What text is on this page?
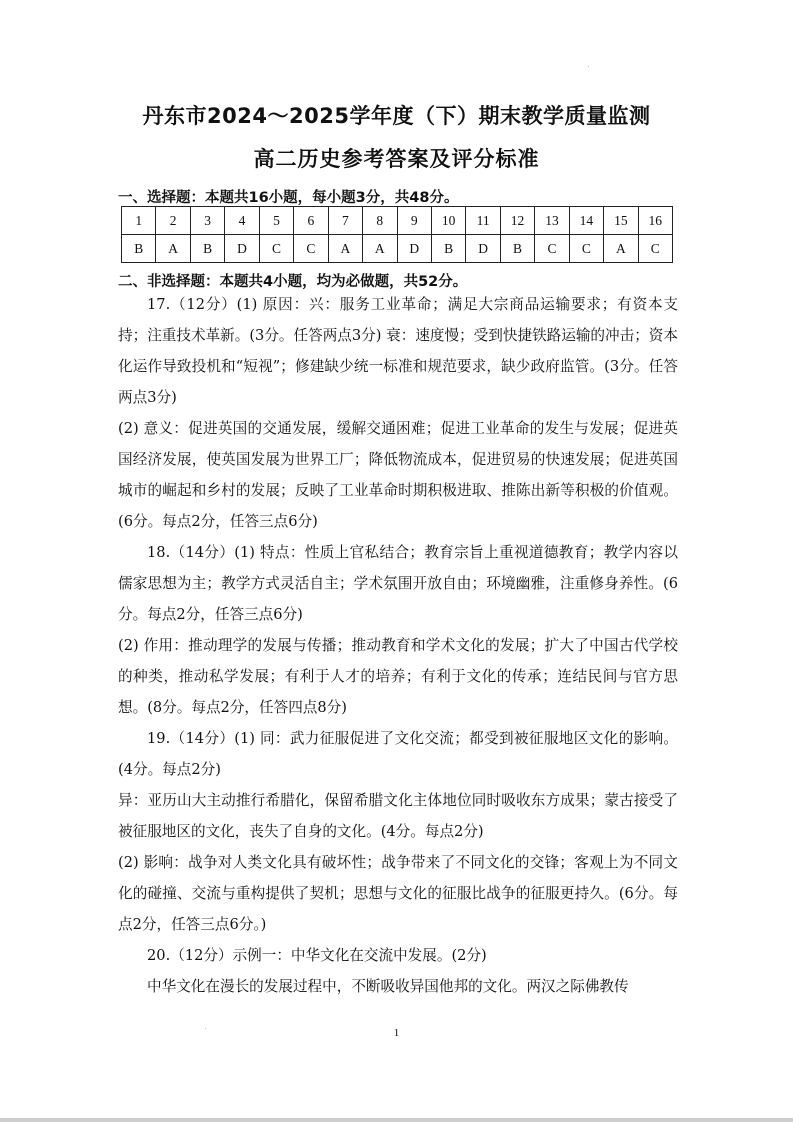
丹东市2024～2025学年度（下）期末教学质量监测
高二历史参考答案及评分标准
一、选择题：本题共16小题，每小题3分，共48分。
1	2	3	4	5	6	7	8	9	10	11	12	13	14	15	16
B	A	B	D	C	C	A	A	D	B	D	B	C	C	A	C
二、非选择题：本题共4小题，均为必做题，共52分。

17.（12分）(1) 原因：兴：服务工业革命；满足大宗商品运输要求；有资本支持；注重技术革新。(3分。任答两点3分) 衰：速度慢；受到快捷铁路运输的冲击；资本化运作导致投机和“短视”；修建缺少统一标准和规范要求，缺少政府监管。(3分。任答两点3分)

(2) 意义：促进英国的交通发展，缓解交通困难；促进工业革命的发生与发展；促进英国经济发展，使英国发展为世界工厂；降低物流成本，促进贸易的快速发展；促进英国城市的崛起和乡村的发展；反映了工业革命时期积极进取、推陈出新等积极的价值观。(6分。每点2分，任答三点6分)

18.（14分）(1) 特点：性质上官私结合；教育宗旨上重视道德教育；教学内容以儒家思想为主；教学方式灵活自主；学术氛围开放自由；环境幽雅，注重修身养性。(6分。每点2分，任答三点6分)

(2) 作用：推动理学的发展与传播；推动教育和学术文化的发展；扩大了中国古代学校的种类，推动私学发展；有利于人才的培养；有利于文化的传承；连结民间与官方思想。(8分。每点2分，任答四点8分)

19.（14分）(1) 同：武力征服促进了文化交流；都受到被征服地区文化的影响。(4分。每点2分)

异：亚历山大主动推行希腊化，保留希腊文化主体地位同时吸收东方成果；蒙古接受了被征服地区的文化，丧失了自身的文化。(4分。每点2分)

(2) 影响：战争对人类文化具有破坏性；战争带来了不同文化的交锋；客观上为不同文化的碰撞、交流与重构提供了契机；思想与文化的征服比战争的征服更持久。(6分。每点2分，任答三点6分。)

20.（12分）示例一：中华文化在交流中发展。(2分)

中华文化在漫长的发展过程中，不断吸收异国他邦的文化。两汉之际佛教传

1
